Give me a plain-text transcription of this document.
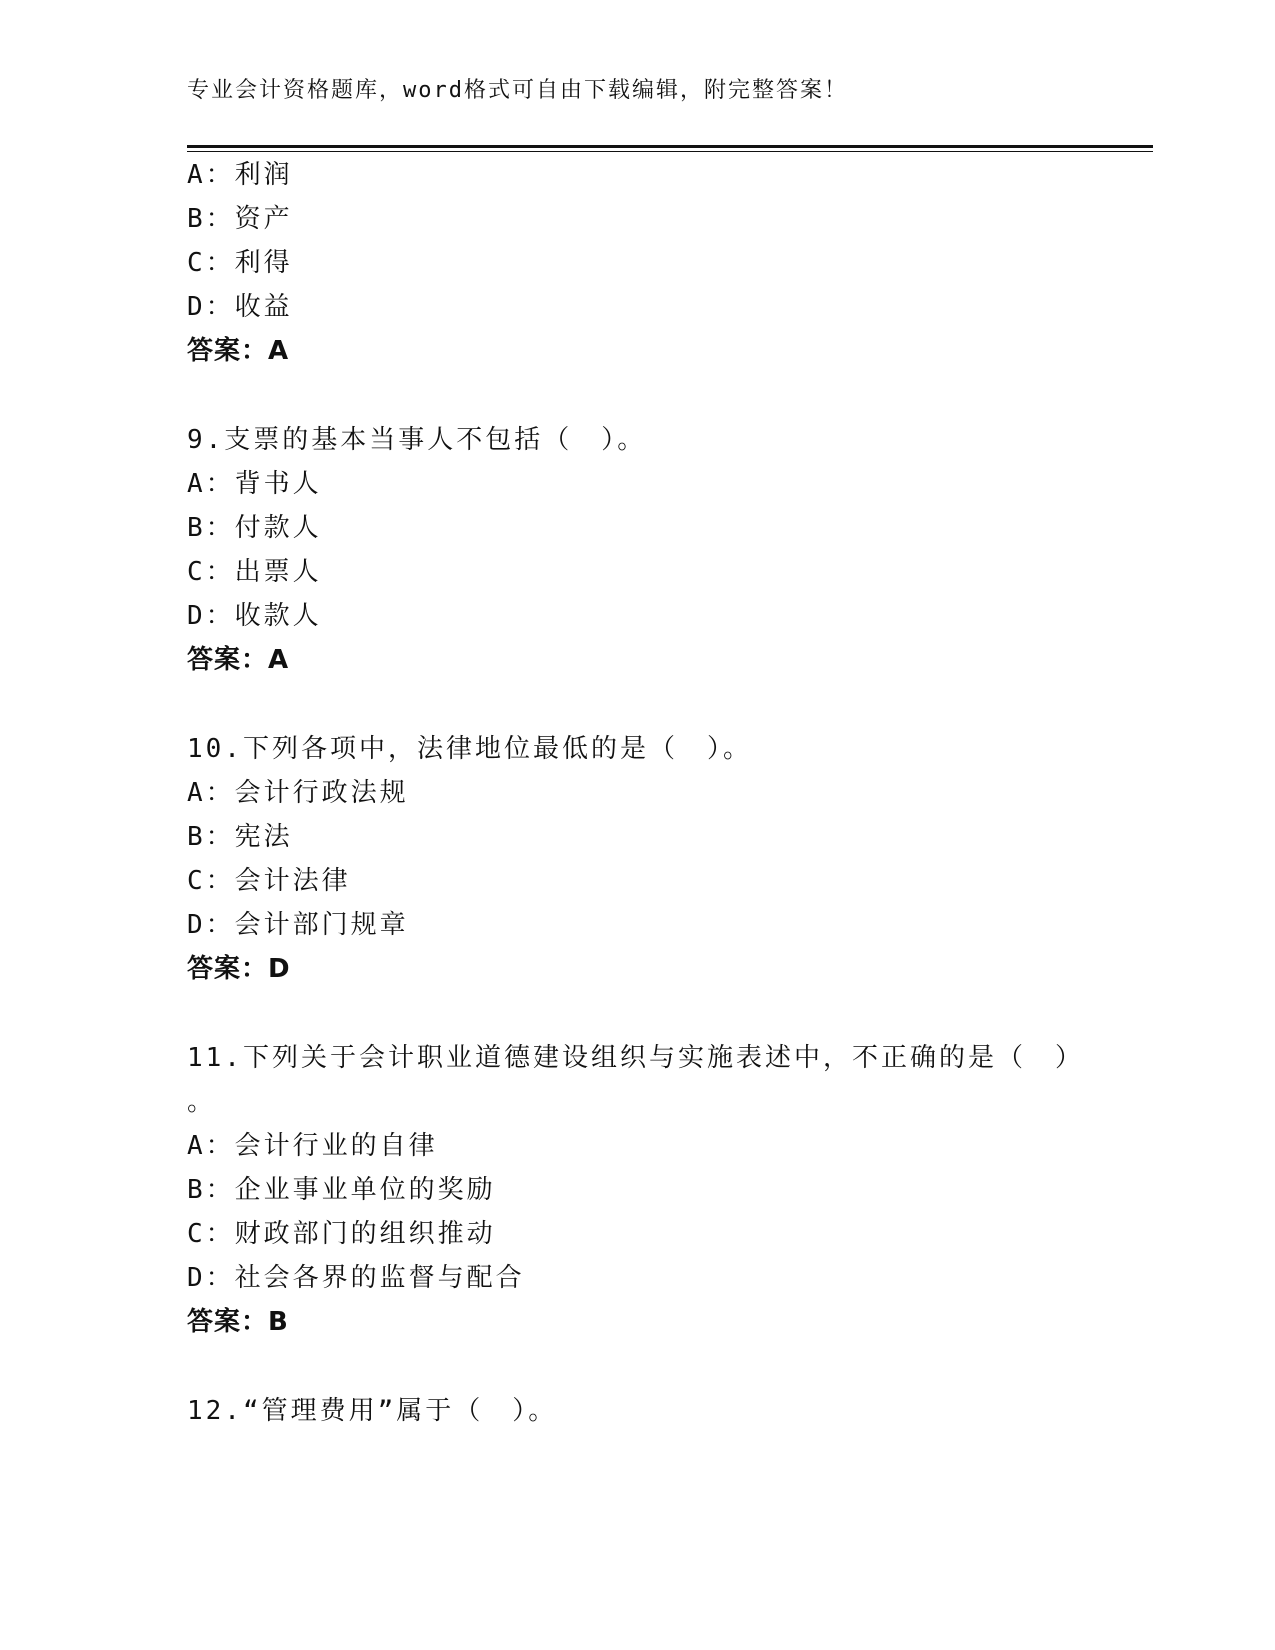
专业会计资格题库，word格式可自由下载编辑，附完整答案！
A：利润
B：资产
C：利得
D：收益
答案：A
9.支票的基本当事人不包括（　）。
A：背书人
B：付款人
C：出票人
D：收款人
答案：A
10.下列各项中，法律地位最低的是（　）。
A：会计行政法规
B：宪法
C：会计法律
D：会计部门规章
答案：D
11.下列关于会计职业道德建设组织与实施表述中，不正确的是（　）
。
A：会计行业的自律
B：企业事业单位的奖励
C：财政部门的组织推动
D：社会各界的监督与配合
答案：B
12.“管理费用”属于（　）。
